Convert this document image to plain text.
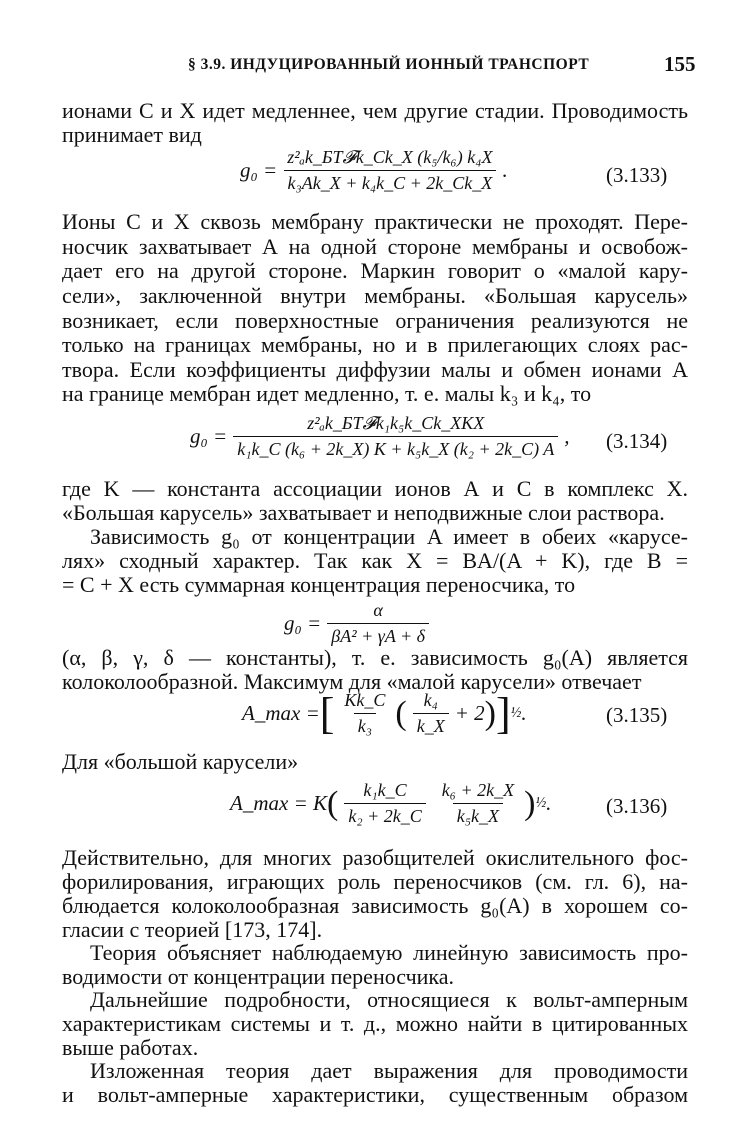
§ 3.9. ИНДУЦИРОВАННЫЙ ИОННЫЙ ТРАНСПОРТ	155
ионами С и X идет медленнее, чем другие стадии. Проводимость
принимает вид
$g_0 = \frac{\text{z²ₐk\_БT𝓕k\_Ck\_X (k₅/k₆) k₄X}}{\text{k₃Ak\_X + k₄k\_C + 2k\_Ck\_X}}$ .	(3.133)
Ионы С и X сквозь мембрану практически не проходят. Пере-
носчик захватывает А на одной стороне мембраны и освобож-
дает его на другой стороне. Маркин говорит о «малой кару-
сели», заключенной внутри мембраны. «Большая карусель»
возникает, если поверхностные ограничения реализуются не
только на границах мембраны, но и в прилегающих слоях рас-
твора. Если коэффициенты диффузии малы и обмен ионами А
на границе мембран идет медленно, т. е. малы k₃ и k₄, то
$g_0 = \frac{\text{z²ₐk\_БT𝓕k₁k₅k\_Ck\_XKX}}{\text{k₁k\_C (k₆ + 2k\_X) K + k₅k\_X (k₂ + 2k\_C) A}}$ , (3.134)
где K — константа ассоциации ионов А и С в комплекс X.
«Большая карусель» захватывает и неподвижные слои раствора.
Зависимость g₀ от концентрации A имеет в обеих «карусе-
лях» сходный характер. Так как X = BA/(A + K), где B =
= C + X есть суммарная концентрация переносчика, то
$g_0 = \frac{\alpha}{\text{βA² + γA + δ}}$
(α, β, γ, δ — константы), т. е. зависимость g₀(A) является
колоколообразной. Максимум для «малой карусели» отвечает
A_max = [ $\frac{Kk\_C}{\text{k₃}}$ ( $\frac{\text{k₄}}{k\_X} + 2$ ) ] ½ .	(3.135)
Для «большой карусели»
A_max = K ( $\frac{\text{k₁k\_C}}{\text{k₂ + 2k\_C}} \frac{\text{k₆ + 2k\_X}}{\text{k₅k\_X}}$ ) ½ .	(3.136)
Действительно, для многих разобщителей окислительного фос-
форилирования, играющих роль переносчиков (см. гл. 6), на-
блюдается колоколообразная зависимость g₀(A) в хорошем со-
гласии с теорией [173, 174].
Теория объясняет наблюдаемую линейную зависимость про-
водимости от концентрации переносчика.
Дальнейшие подробности, относящиеся к вольт-амперным
характеристикам системы и т. д., можно найти в цитированных
выше работах.
Изложенная теория дает выражения для проводимости
и вольт-амперные характеристики, существенным образом
